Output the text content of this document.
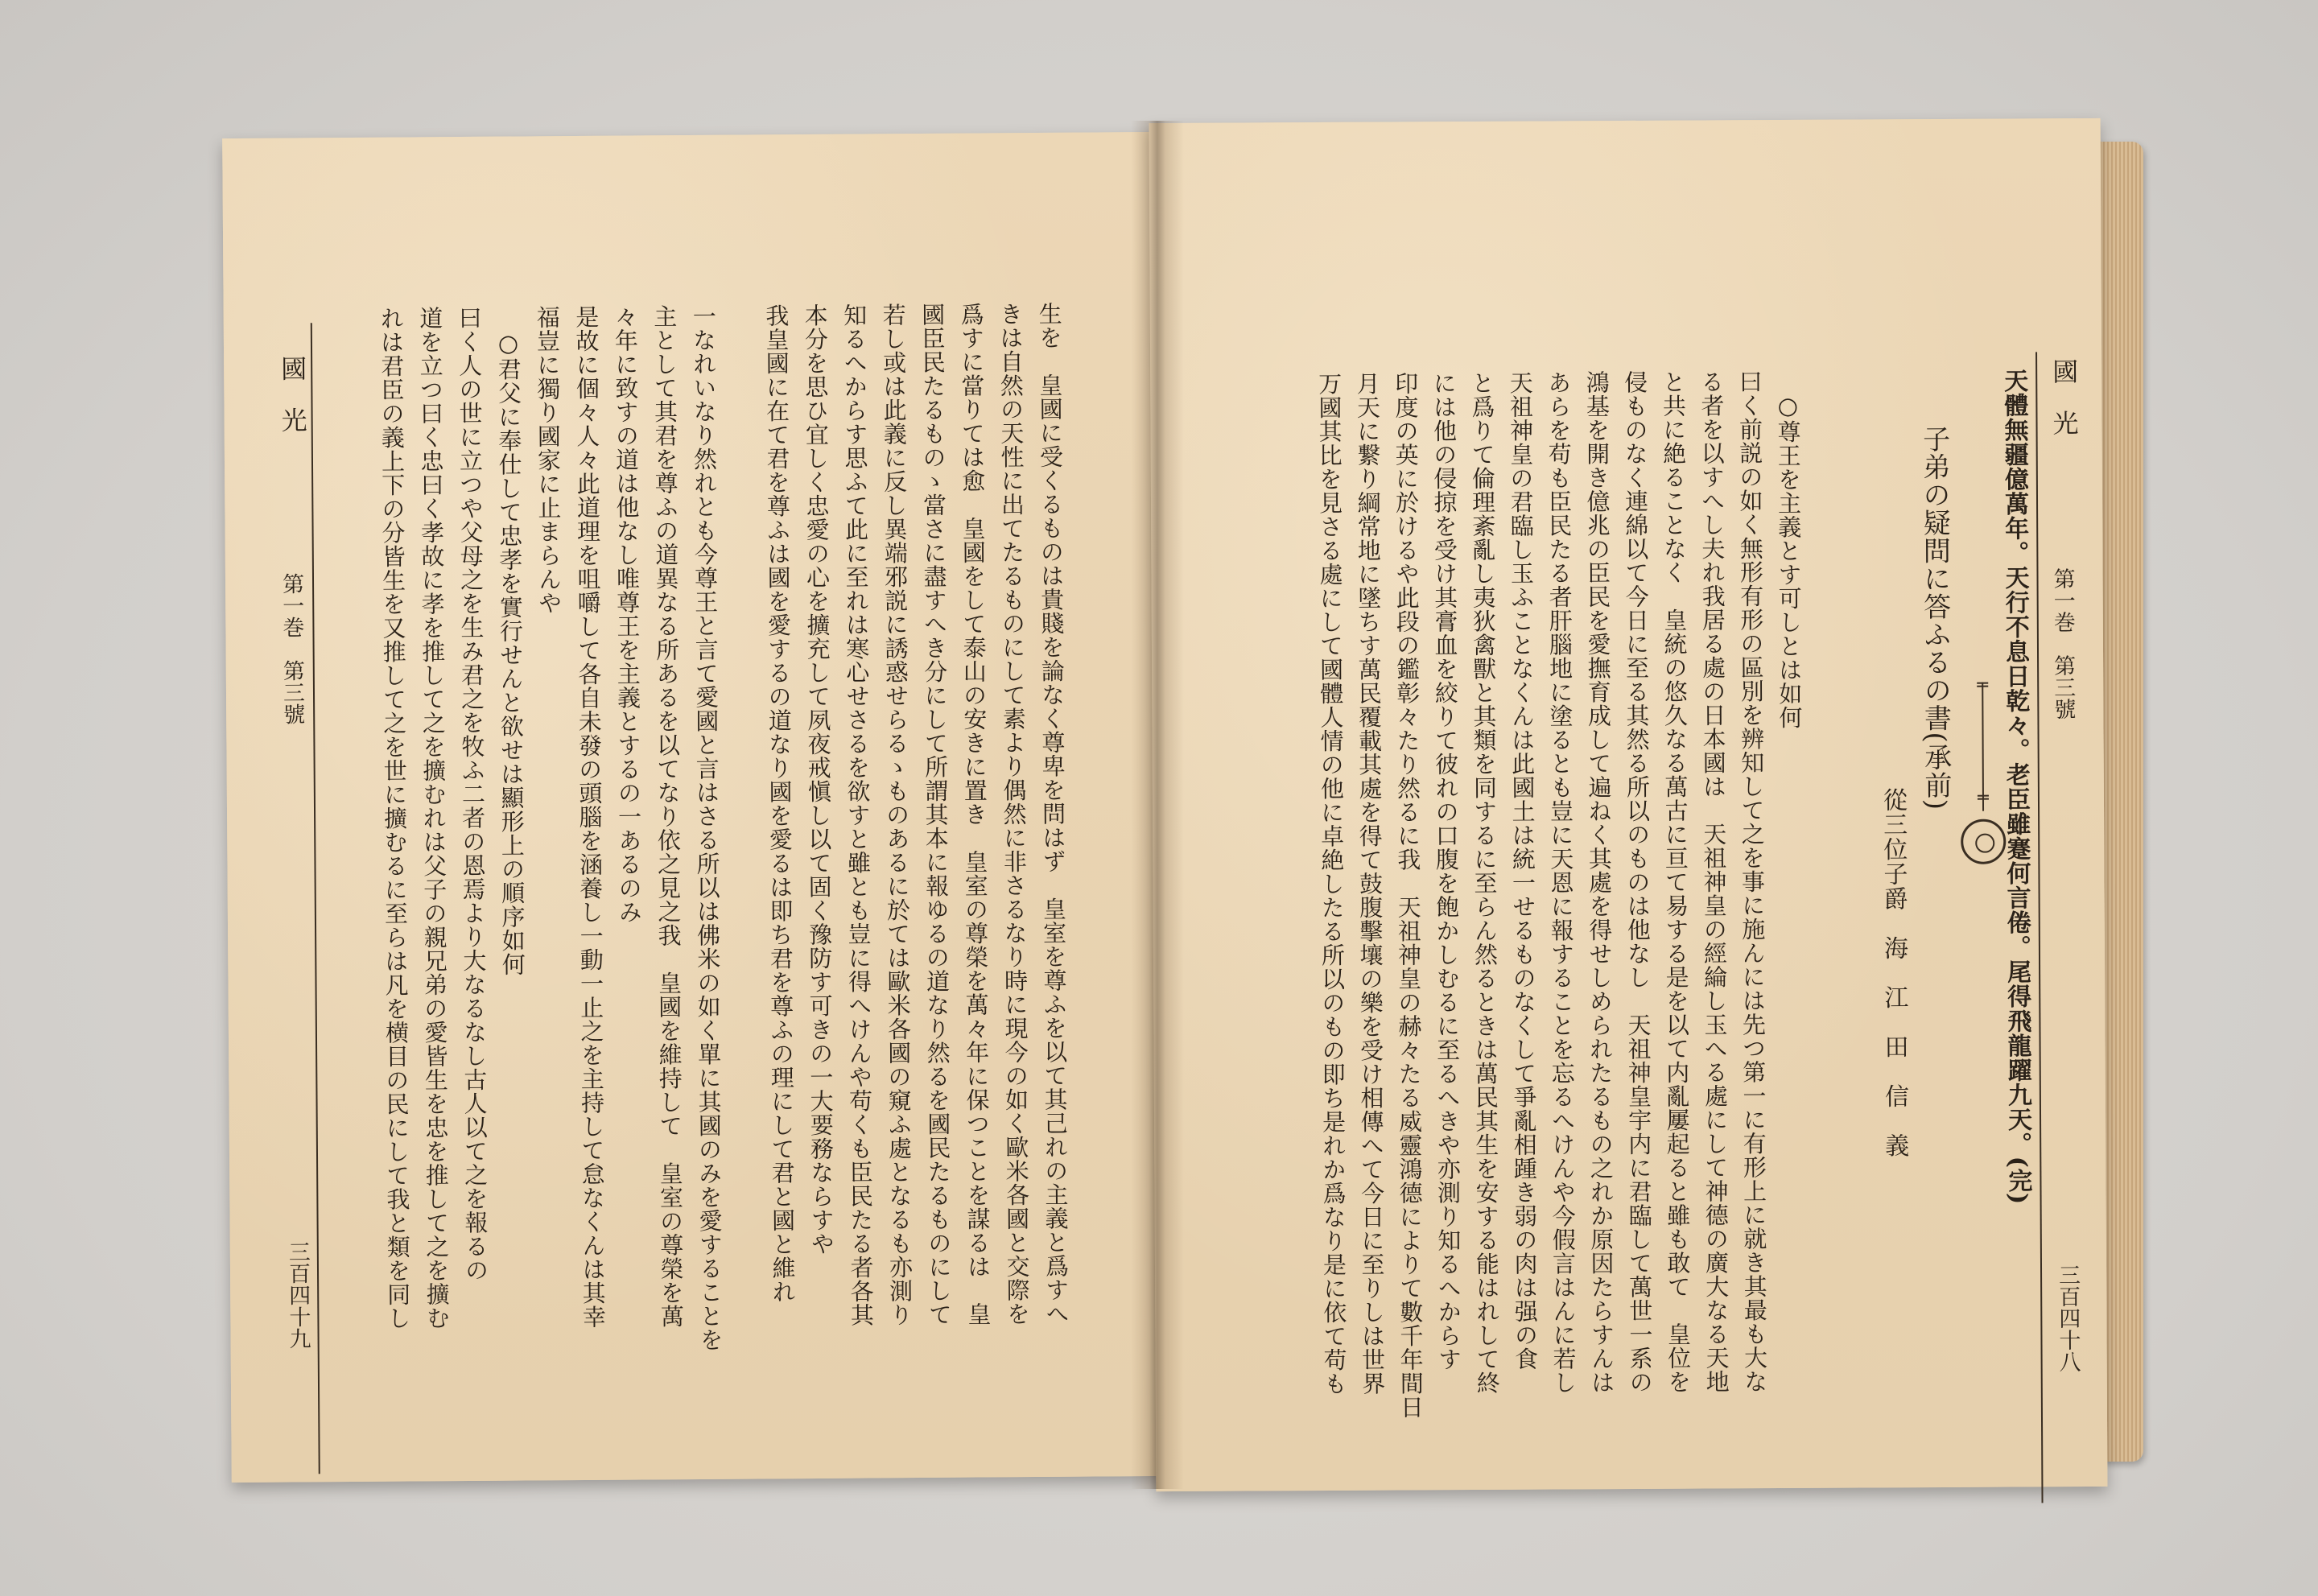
國　光
第一巻　第三號
三百四十九	生を　皇國に受くるものは貴賤を論なく尊卑を問はず　皇室を尊ふを以て其己れの主義と爲すへ
きは自然の天性に出てたるものにして素より偶然に非さるなり時に現今の如く歐米各國と交際を
爲すに當りては愈　皇國をして泰山の安きに置き　皇室の尊榮を萬々年に保つことを謀るは　皇
國臣民たるものゝ當さに盡すへき分にして所謂其本に報ゆるの道なり然るを國民たるものにして
若し或は此義に反し異端邪説に誘惑せらるゝものあるに於ては歐米各國の窺ふ處となるも亦測り
知るへからす思ふて此に至れは寒心せさるを欲すと雖とも豈に得へけんや苟くも臣民たる者各其
本分を思ひ宜しく忠愛の心を擴充して夙夜戒愼し以て固く豫防す可きの一大要務ならすや
我皇國に在て君を尊ふは國を愛するの道なり國を愛るは即ち君を尊ふの理にして君と國と維れ
一なれいなり然れとも今尊王と言て愛國と言はさる所以は佛米の如く單に其國のみを愛することを
主として其君を尊ふの道異なる所あるを以てなり依之見之我　皇國を維持して　皇室の尊榮を萬
々年に致すの道は他なし唯尊王を主義とするの一あるのみ
是故に個々人々此道理を咀嚼して各自未發の頭腦を涵養し一動一止之を主持して怠なくんは其幸
福豈に獨り國家に止まらんや
　○君父に奉仕して忠孝を實行せんと欲せは顯形上の順序如何
曰く人の世に立つや父母之を生み君之を牧ふ二者の恩焉より大なるなし古人以て之を報るの
道を立つ曰く忠曰く孝故に孝を推して之を擴むれは父子の親兄弟の愛皆生を忠を推して之を擴む
れは君臣の義上下の分皆生を又推して之を世に擴むるに至らは凡を横目の民にして我と類を同し	國　光
第一巻　第三號
三百四十八
天體無疆億萬年。天行不息日乾々。老臣雖蹇何言倦。尾得飛龍躍九天。(完)
子弟の疑問に答ふるの書(承前)
從三位子爵　海　江　田　信　義
○尊王を主義とす可しとは如何
曰く前説の如く無形有形の區別を辨知して之を事に施んには先つ第一に有形上に就き其最も大な
る者を以すへし夫れ我居る處の日本國は　天祖神皇の經綸し玉へる處にして神德の廣大なる天地
と共に絶ることなく　皇統の悠久なる萬古に亘て易する是を以て内亂屢起ると雖も敢て　皇位を
侵ものなく連綿以て今日に至る其然る所以のものは他なし　天祖神皇宇内に君臨して萬世一系の
鴻基を開き億兆の臣民を愛撫育成して遍ねく其處を得せしめられたるもの之れか原因たらすんは
あらを苟も臣民たる者肝腦地に塗るとも豈に天恩に報することを忘るへけんや今假言はんに若し
天祖神皇の君臨し玉ふことなくんは此國土は統一せるものなくして爭亂相踵き弱の肉は强の食
と爲りて倫理紊亂し夷狄禽獸と其類を同するに至らん然るときは萬民其生を安する能はれして終
には他の侵掠を受け其膏血を絞りて彼れの口腹を飽かしむるに至るへきや亦測り知るへからす
印度の英に於けるや此段の鑑彰々たり然るに我　天祖神皇の赫々たる威靈鴻德によりて數千年間日
月天に繋り綱常地に墜ちす萬民覆載其處を得て鼓腹擊壤の樂を受け相傳へて今日に至りしは世界
万國其比を見さる處にして國體人情の他に卓絶したる所以のもの即ち是れか爲なり是に依て苟も
